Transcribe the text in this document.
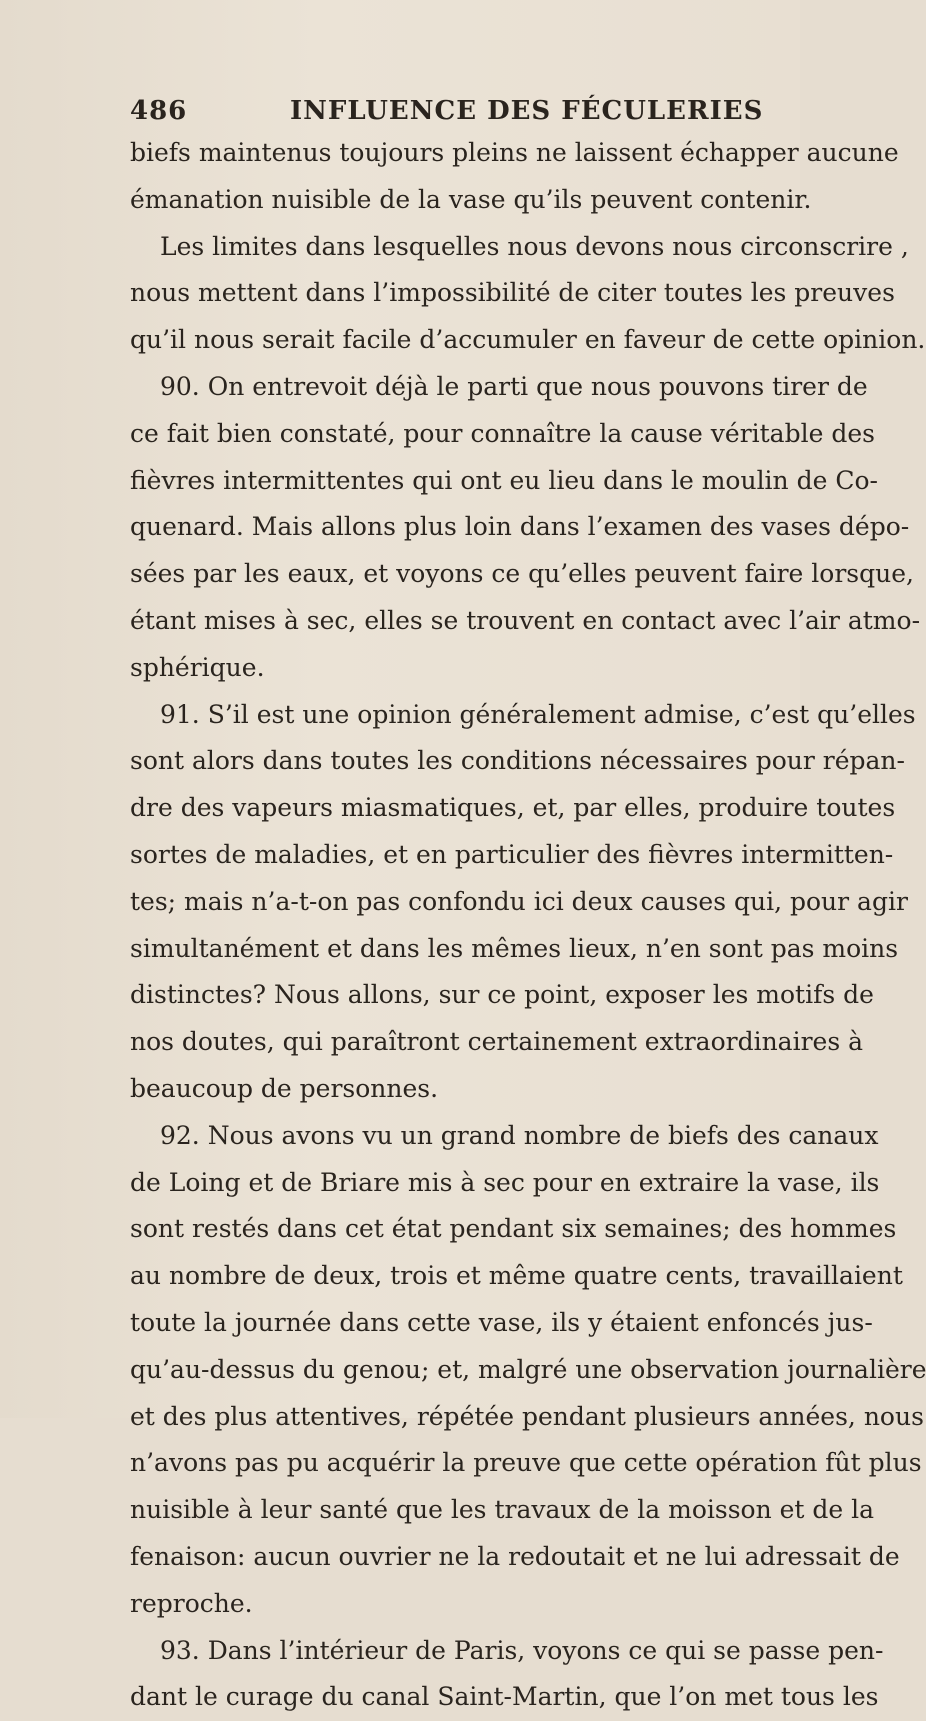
486	INFLUENCE DES FÉCULERIES
biefs maintenus toujours pleins ne laissent échapper aucune
émanation nuisible de la vase qu’ils peuvent contenir.
Les limites dans lesquelles nous devons nous circonscrire ,
nous mettent dans l’impossibilité de citer toutes les preuves
qu’il nous serait facile d’accumuler en faveur de cette opinion.
90. On entrevoit déjà le parti que nous pouvons tirer de
ce fait bien constaté, pour connaître la cause véritable des
fièvres intermittentes qui ont eu lieu dans le moulin de Co-
quenard. Mais allons plus loin dans l’examen des vases dépo-
sées par les eaux, et voyons ce qu’elles peuvent faire lorsque,
étant mises à sec, elles se trouvent en contact avec l’air atmo-
sphérique.
91. S’il est une opinion généralement admise, c’est qu’elles
sont alors dans toutes les conditions nécessaires pour répan-
dre des vapeurs miasmatiques, et, par elles, produire toutes
sortes de maladies, et en particulier des fièvres intermitten-
tes; mais n’a-t-on pas confondu ici deux causes qui, pour agir
simultanément et dans les mêmes lieux, n’en sont pas moins
distinctes? Nous allons, sur ce point, exposer les motifs de
nos doutes, qui paraîtront certainement extraordinaires à
beaucoup de personnes.
92. Nous avons vu un grand nombre de biefs des canaux
de Loing et de Briare mis à sec pour en extraire la vase, ils
sont restés dans cet état pendant six semaines; des hommes
au nombre de deux, trois et même quatre cents, travaillaient
toute la journée dans cette vase, ils y étaient enfoncés jus-
qu’au-dessus du genou; et, malgré une observation journalière
et des plus attentives, répétée pendant plusieurs années, nous
n’avons pas pu acquérir la preuve que cette opération fût plus
nuisible à leur santé que les travaux de la moisson et de la
fenaison: aucun ouvrier ne la redoutait et ne lui adressait de
reproche.
93. Dans l’intérieur de Paris, voyons ce qui se passe pen-
dant le curage du canal Saint-Martin, que l’on met tous les
